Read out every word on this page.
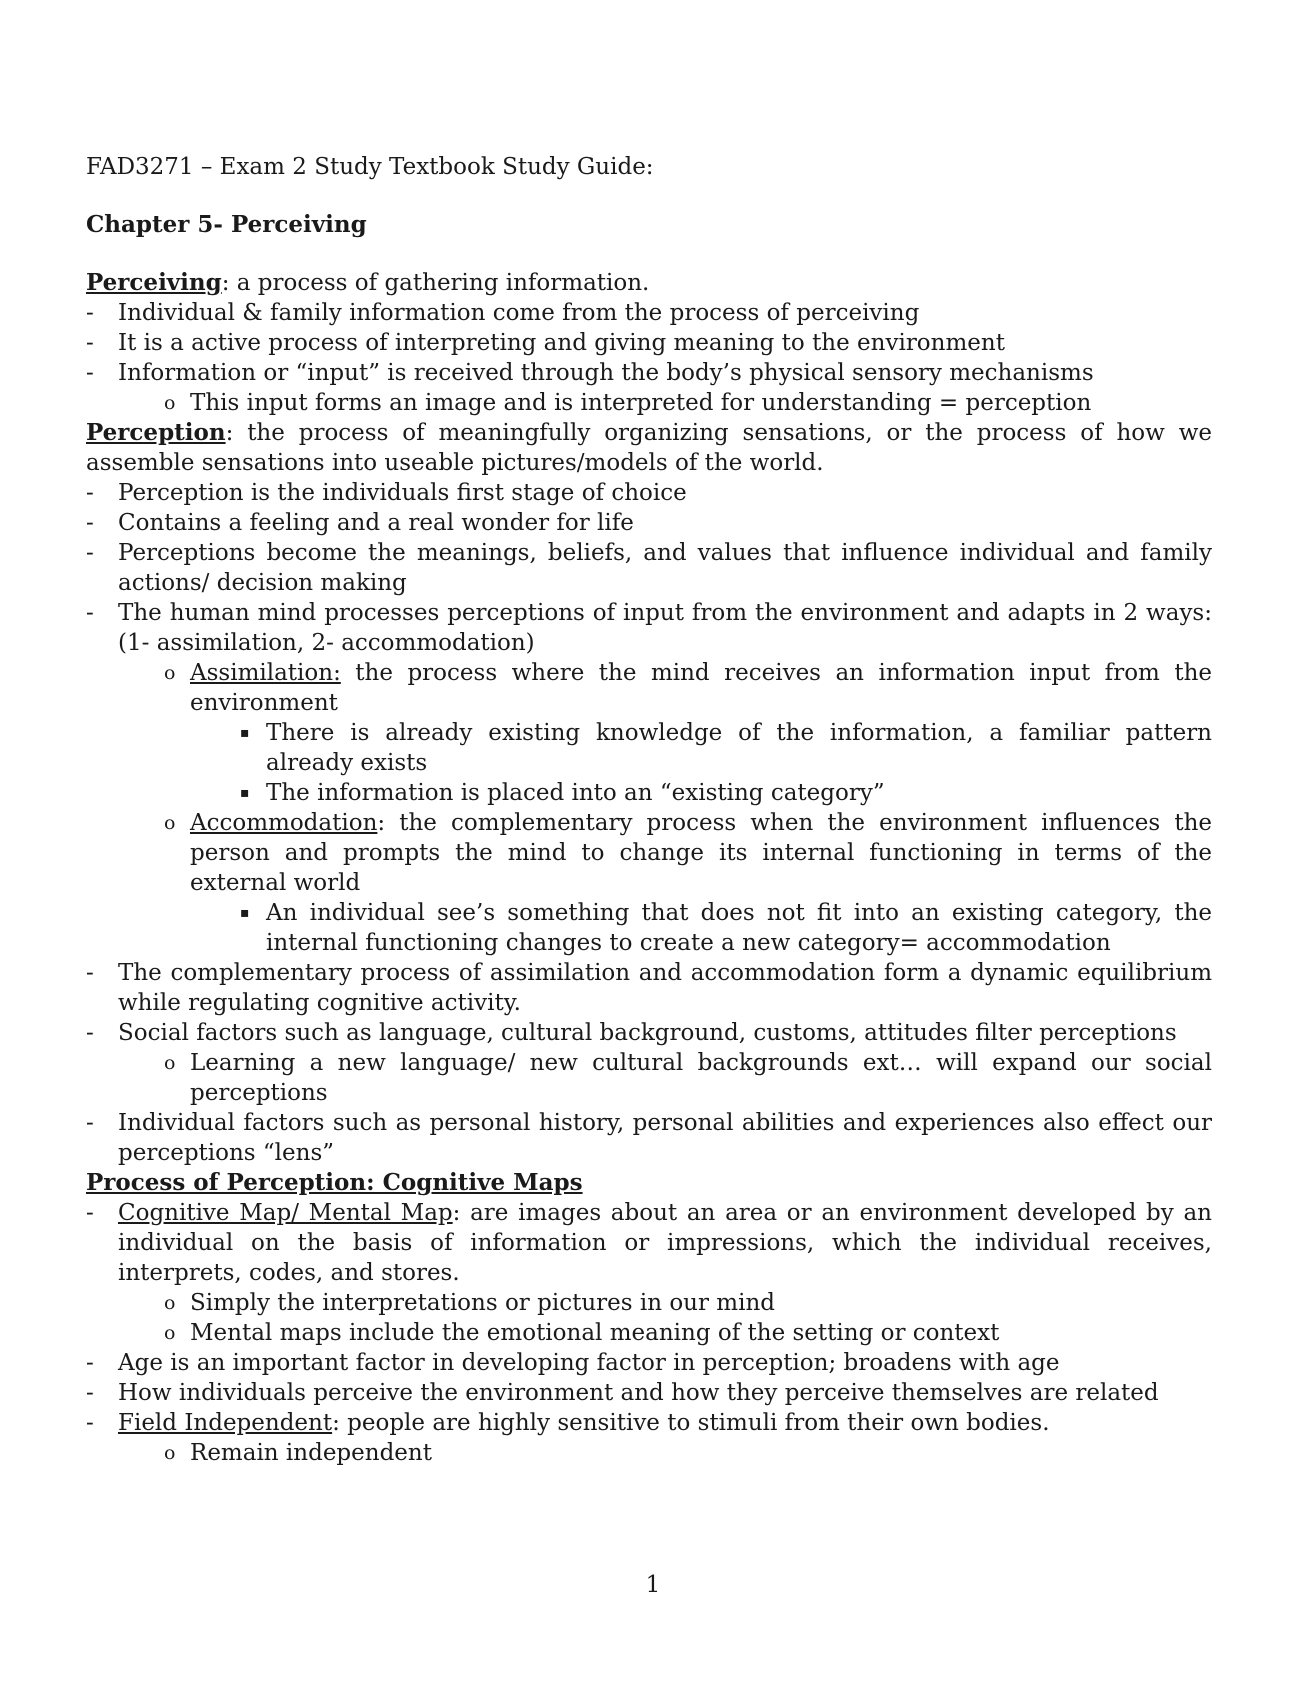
FAD3271 – Exam 2 Study Textbook Study Guide:

Chapter 5- Perceiving

Perceiving: a process of gathering information.

- Individual & family information come from the process of perceiving
- It is a active process of interpreting and giving meaning to the environment
- Information or “input” is received through the body’s physical sensory mechanisms
o This input forms an image and is interpreted for understanding = perception

Perception: the process of meaningfully organizing sensations, or the process of how we assemble sensations into useable pictures/models of the world.

- Perception is the individuals first stage of choice
- Contains a feeling and a real wonder for life
- Perceptions become the meanings, beliefs, and values that influence individual and family actions/ decision making
- The human mind processes perceptions of input from the environment and adapts in 2 ways: (1- assimilation, 2- accommodation)
o Assimilation: the process where the mind receives an information input from the environment
▪ There is already existing knowledge of the information, a familiar pattern already exists
▪ The information is placed into an “existing category”
o Accommodation: the complementary process when the environment influences the person and prompts the mind to change its internal functioning in terms of the external world
▪ An individual see’s something that does not fit into an existing category, the internal functioning changes to create a new category= accommodation
- The complementary process of assimilation and accommodation form a dynamic equilibrium while regulating cognitive activity.
- Social factors such as language, cultural background, customs, attitudes filter perceptions
o Learning a new language/ new cultural backgrounds ext… will expand our social perceptions
- Individual factors such as personal history, personal abilities and experiences also effect our perceptions “lens”

Process of Perception: Cognitive Maps

- Cognitive Map/ Mental Map: are images about an area or an environment developed by an individual on the basis of information or impressions, which the individual receives, interprets, codes, and stores.
o Simply the interpretations or pictures in our mind
o Mental maps include the emotional meaning of the setting or context
- Age is an important factor in developing factor in perception; broadens with age
- How individuals perceive the environment and how they perceive themselves are related
- Field Independent: people are highly sensitive to stimuli from their own bodies.
o Remain independent
1
